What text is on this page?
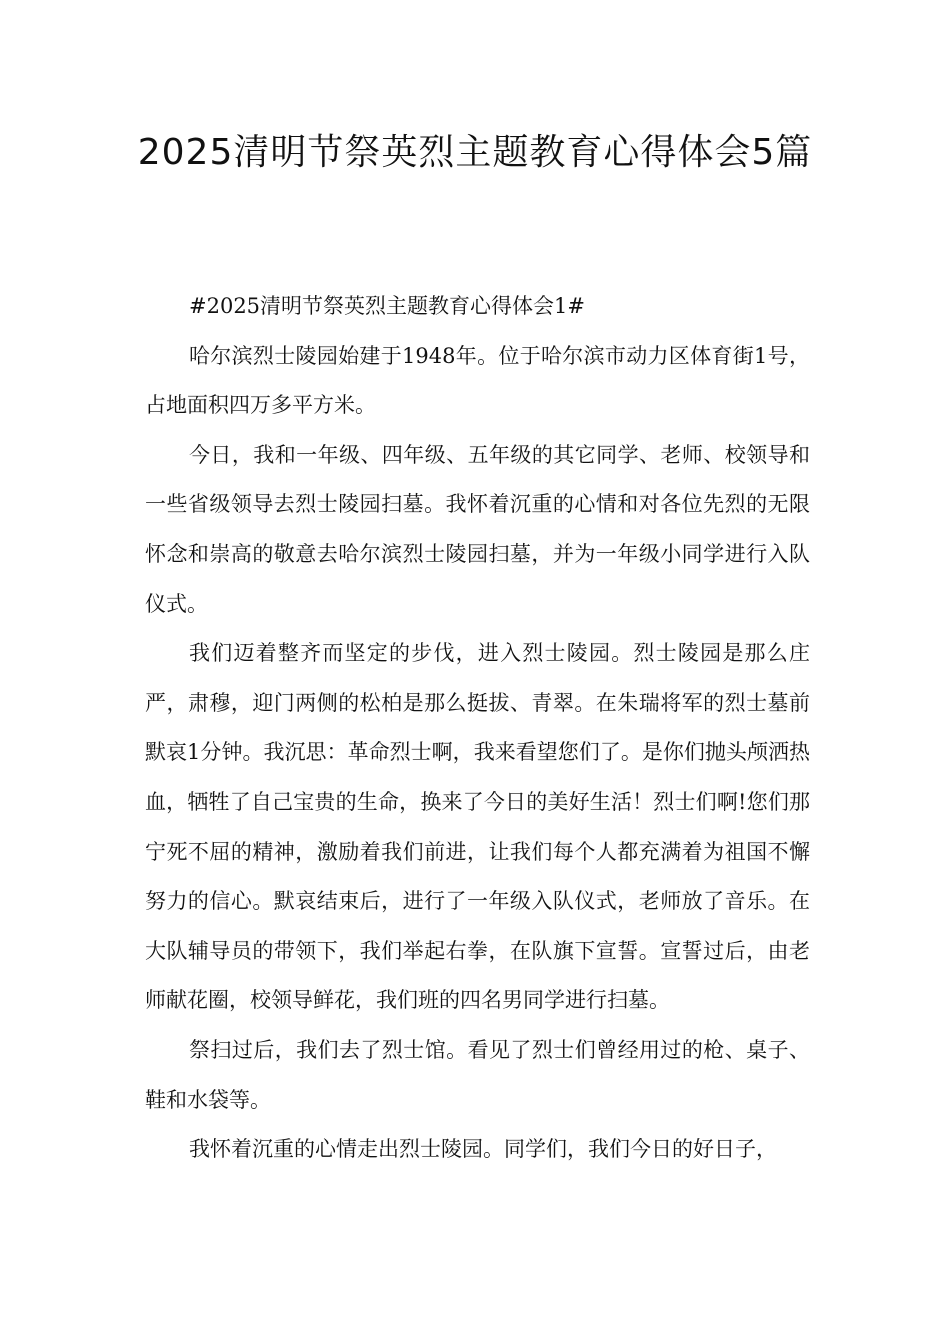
2025清明节祭英烈主题教育心得体会5篇

#2025清明节祭英烈主题教育心得体会1#

哈尔滨烈士陵园始建于1948年。位于哈尔滨市动力区体育街1号，占地面积四万多平方米。

今日，我和一年级、四年级、五年级的其它同学、老师、校领导和一些省级领导去烈士陵园扫墓。我怀着沉重的心情和对各位先烈的无限怀念和崇高的敬意去哈尔滨烈士陵园扫墓，并为一年级小同学进行入队仪式。

我们迈着整齐而坚定的步伐，进入烈士陵园。烈士陵园是那么庄严，肃穆，迎门两侧的松柏是那么挺拔、青翠。在朱瑞将军的烈士墓前默哀1分钟。我沉思：革命烈士啊，我来看望您们了。是你们抛头颅洒热血，牺牲了自己宝贵的生命，换来了今日的美好生活！烈士们啊!您们那宁死不屈的精神，激励着我们前进，让我们每个人都充满着为祖国不懈努力的信心。默哀结束后，进行了一年级入队仪式，老师放了音乐。在大队辅导员的带领下，我们举起右拳，在队旗下宣誓。宣誓过后，由老师献花圈，校领导鲜花，我们班的四名男同学进行扫墓。

祭扫过后，我们去了烈士馆。看见了烈士们曾经用过的枪、桌子、鞋和水袋等。

我怀着沉重的心情走出烈士陵园。同学们，我们今日的好日子，
